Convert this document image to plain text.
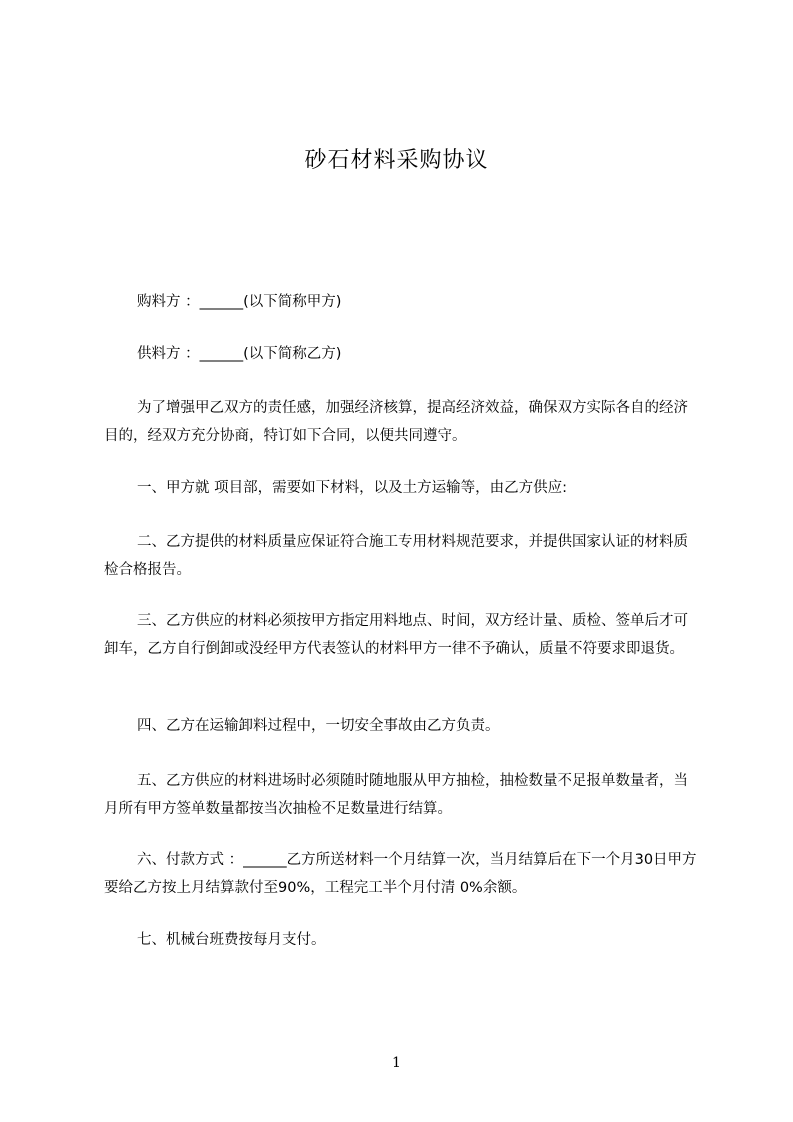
砂石材料采购协议
购料方 ：______(以下简称甲方)
供料方 ：______(以下简称乙方)
为了增强甲乙双方的责任感，加强经济核算，提高经济效益，确保双方实际各自的经济目的，经双方充分协商，特订如下合同，以便共同遵守。
一、甲方就 项目部，需要如下材料，以及土方运输等，由乙方供应:
二、乙方提供的材料质量应保证符合施工专用材料规范要求，并提供国家认证的材料质检合格报告。
三、乙方供应的材料必须按甲方指定用料地点、时间，双方经计量、质检、签单后才可卸车，乙方自行倒卸或没经甲方代表签认的材料甲方一律不予确认，质量不符要求即退货。
四、乙方在运输卸料过程中，一切安全事故由乙方负责。
五、乙方供应的材料进场时必须随时随地服从甲方抽检，抽检数量不足报单数量者，当月所有甲方签单数量都按当次抽检不足数量进行结算。
六、付款方式 ：______乙方所送材料一个月结算一次，当月结算后在下一个月30日甲方要给乙方按上月结算款付至90%，工程完工半个月付清 0%余额。
七、机械台班费按每月支付。
1
